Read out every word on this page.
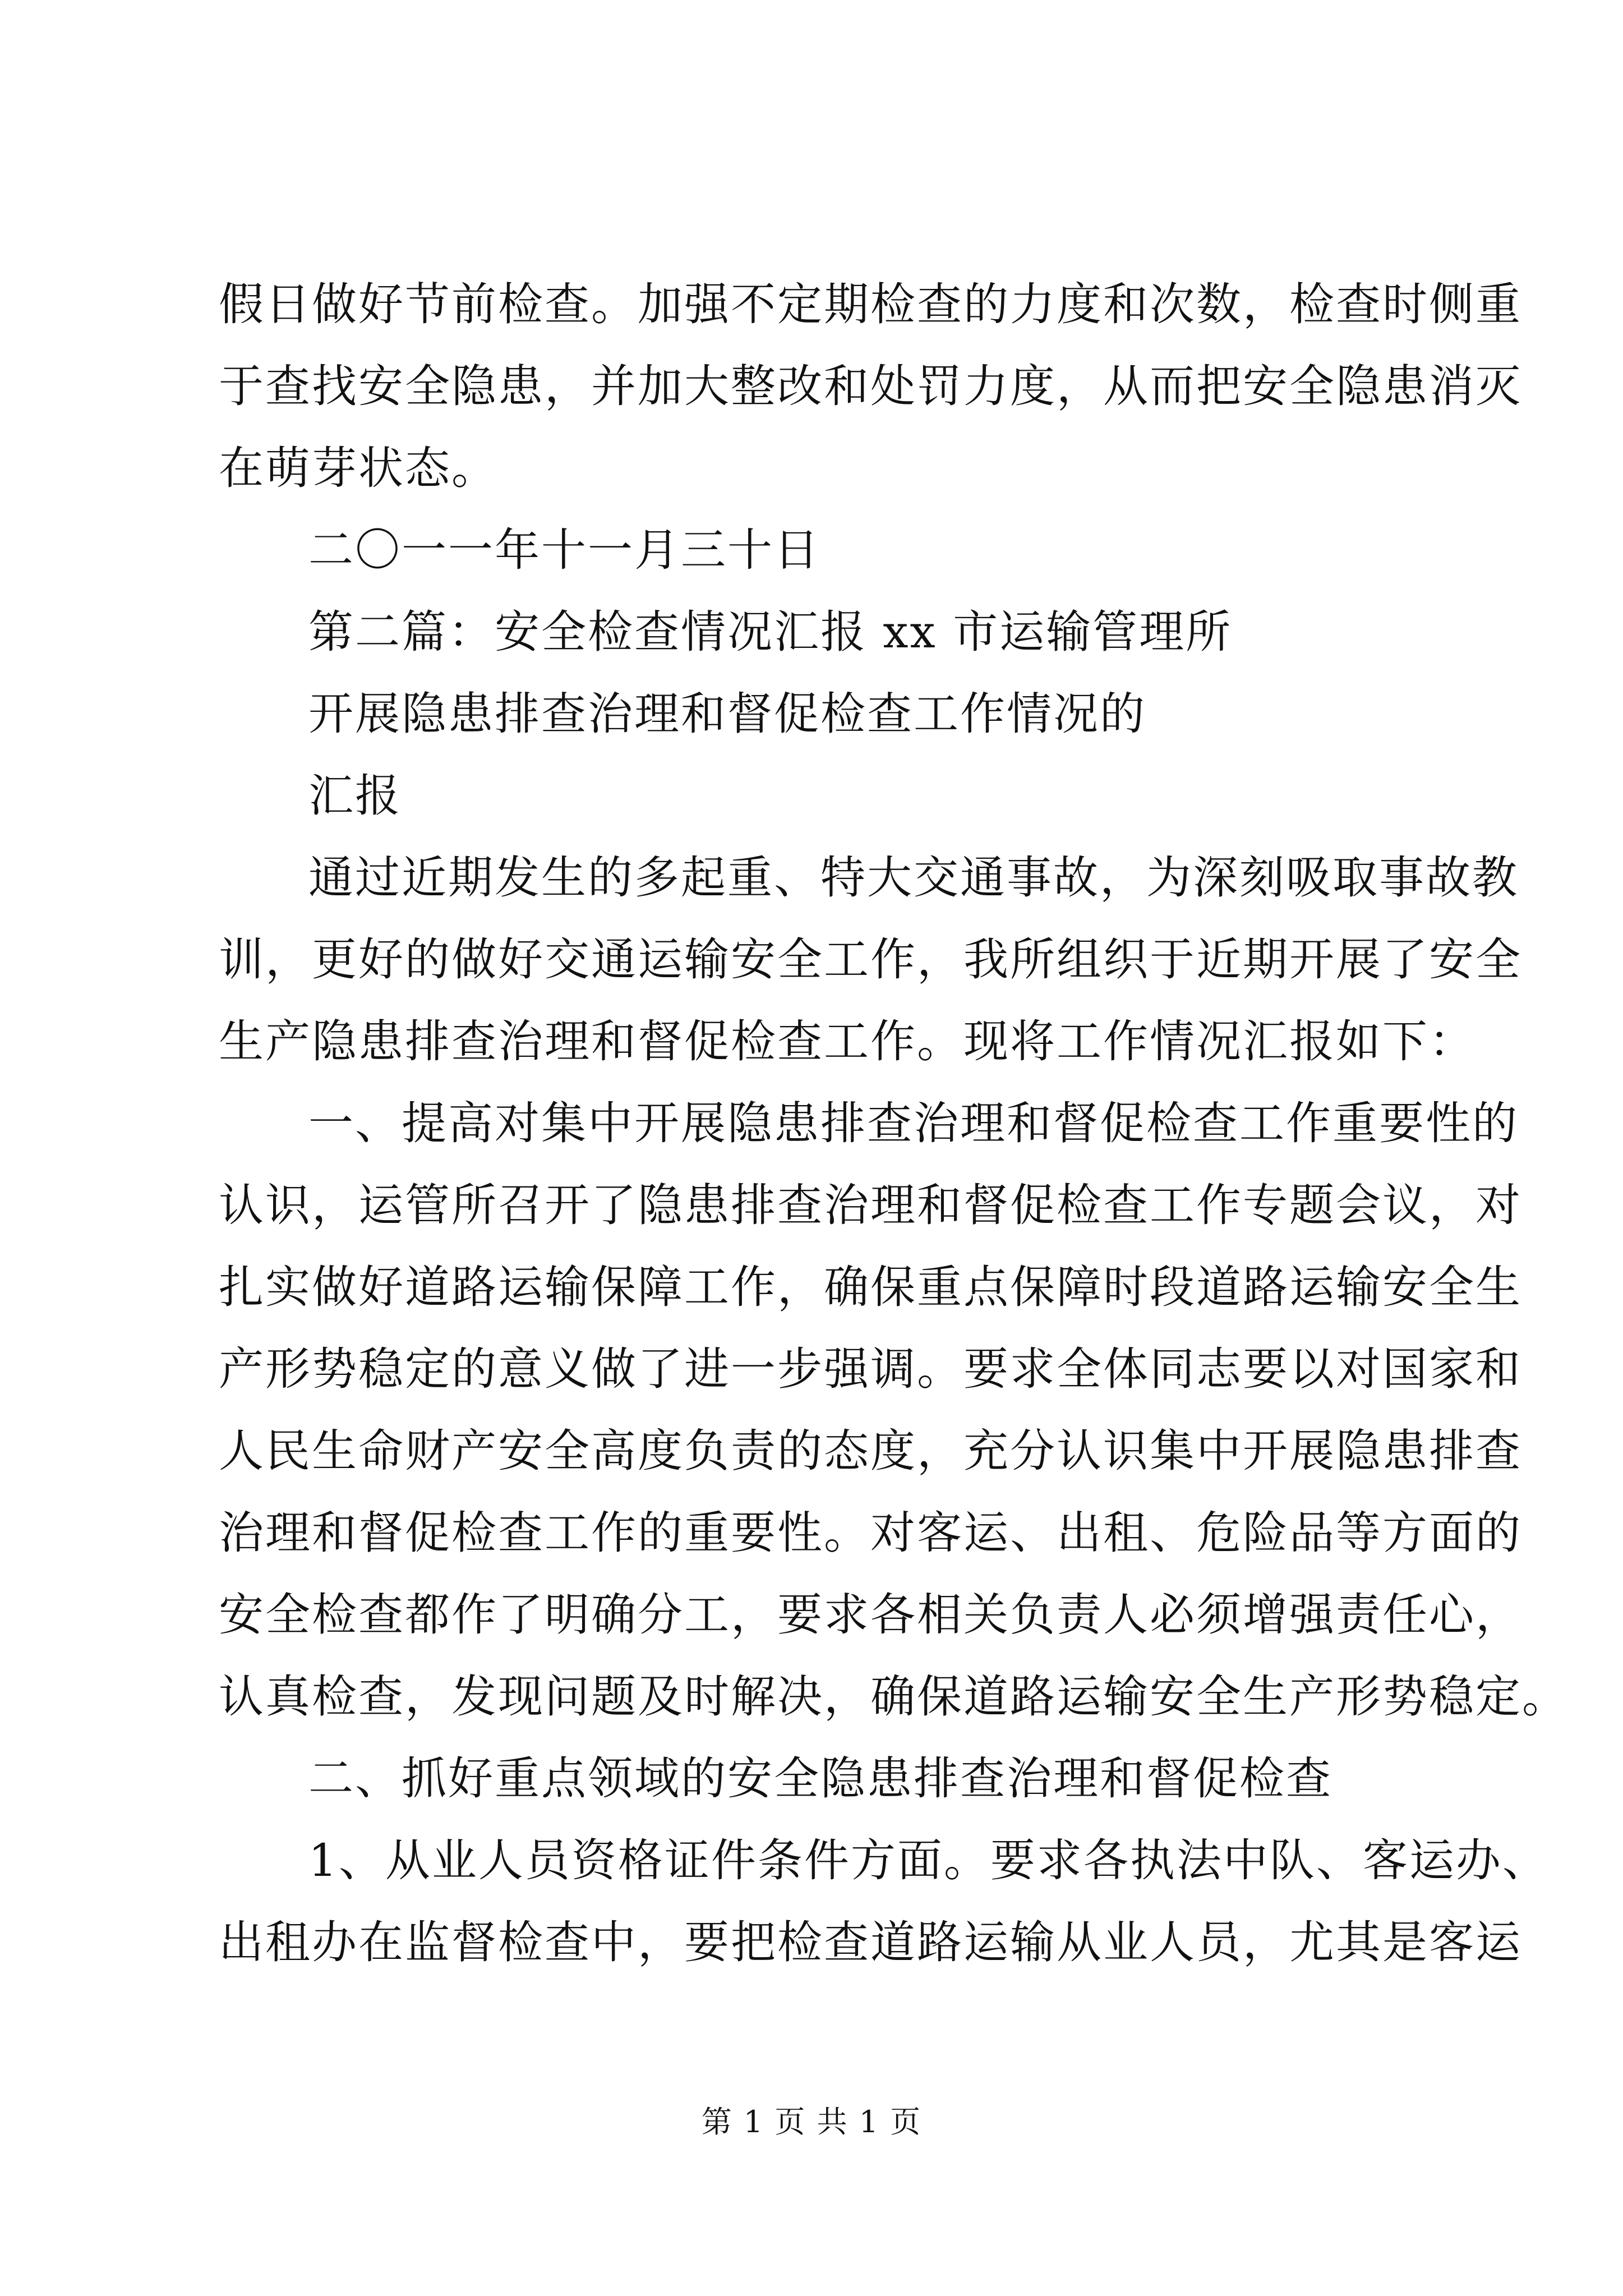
假日做好节前检查。加强不定期检查的力度和次数，检查时侧重
于查找安全隐患，并加大整改和处罚力度，从而把安全隐患消灭
在萌芽状态。
二〇一一年十一月三十日
第二篇：安全检查情况汇报 xx 市运输管理所
开展隐患排查治理和督促检查工作情况的
汇报
通过近期发生的多起重、特大交通事故，为深刻吸取事故教
训，更好的做好交通运输安全工作，我所组织于近期开展了安全
生产隐患排查治理和督促检查工作。现将工作情况汇报如下：
一、提高对集中开展隐患排查治理和督促检查工作重要性的
认识，运管所召开了隐患排查治理和督促检查工作专题会议，对
扎实做好道路运输保障工作，确保重点保障时段道路运输安全生
产形势稳定的意义做了进一步强调。要求全体同志要以对国家和
人民生命财产安全高度负责的态度，充分认识集中开展隐患排查
治理和督促检查工作的重要性。对客运、出租、危险品等方面的
安全检查都作了明确分工，要求各相关负责人必须增强责任心，
认真检查，发现问题及时解决，确保道路运输安全生产形势稳定。
二、抓好重点领域的安全隐患排查治理和督促检查
1、从业人员资格证件条件方面。要求各执法中队、客运办、
出租办在监督检查中，要把检查道路运输从业人员，尤其是客运
第 1 页 共 1 页
